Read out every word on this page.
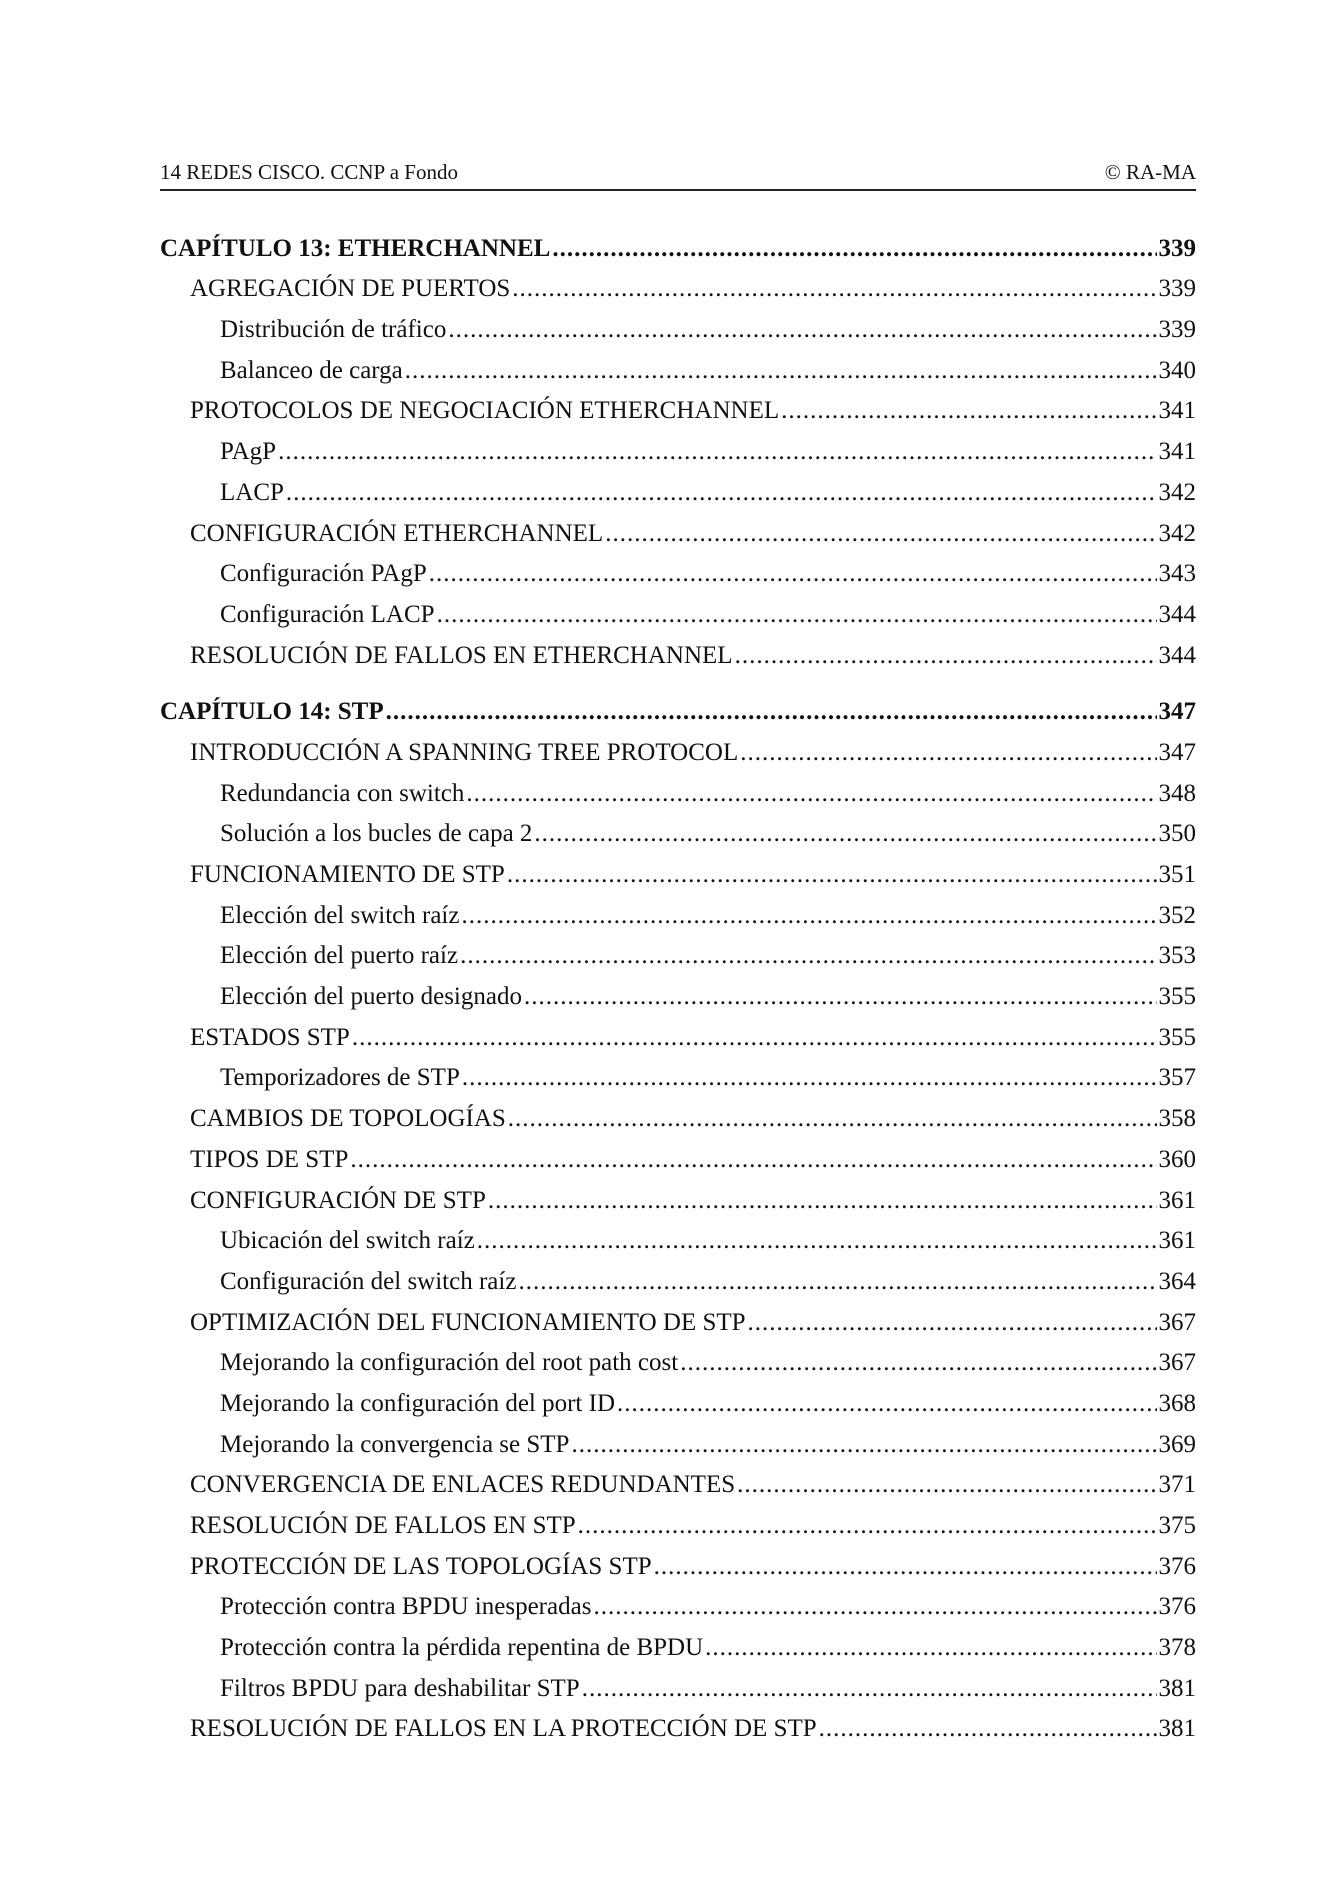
14 REDES CISCO. CCNP a Fondo	© RA-MA
CAPÍTULO 13: ETHERCHANNEL .....	339
AGREGACIÓN DE PUERTOS .....	339
Distribución de tráfico .....	339
Balanceo de carga .....	340
PROTOCOLOS DE NEGOCIACIÓN ETHERCHANNEL .....	341
PAgP .....	341
LACP .....	342
CONFIGURACIÓN ETHERCHANNEL .....	342
Configuración PAgP .....	343
Configuración LACP .....	344
RESOLUCIÓN DE FALLOS EN ETHERCHANNEL .....	344
CAPÍTULO 14: STP .....	347
INTRODUCCIÓN A SPANNING TREE PROTOCOL .....	347
Redundancia con switch .....	348
Solución a los bucles de capa 2 .....	350
FUNCIONAMIENTO DE STP .....	351
Elección del switch raíz .....	352
Elección del puerto raíz .....	353
Elección del puerto designado .....	355
ESTADOS STP .....	355
Temporizadores de STP .....	357
CAMBIOS DE TOPOLOGÍAS .....	358
TIPOS DE STP .....	360
CONFIGURACIÓN DE STP .....	361
Ubicación del switch raíz .....	361
Configuración del switch raíz .....	364
OPTIMIZACIÓN DEL FUNCIONAMIENTO DE STP .....	367
Mejorando la configuración del root path cost .....	367
Mejorando la configuración del port ID .....	368
Mejorando la convergencia se STP .....	369
CONVERGENCIA DE ENLACES REDUNDANTES .....	371
RESOLUCIÓN DE FALLOS EN STP .....	375
PROTECCIÓN DE LAS TOPOLOGÍAS STP .....	376
Protección contra BPDU inesperadas .....	376
Protección contra la pérdida repentina de BPDU .....	378
Filtros BPDU para deshabilitar STP .....	381
RESOLUCIÓN DE FALLOS EN LA PROTECCIÓN DE STP .....	381
